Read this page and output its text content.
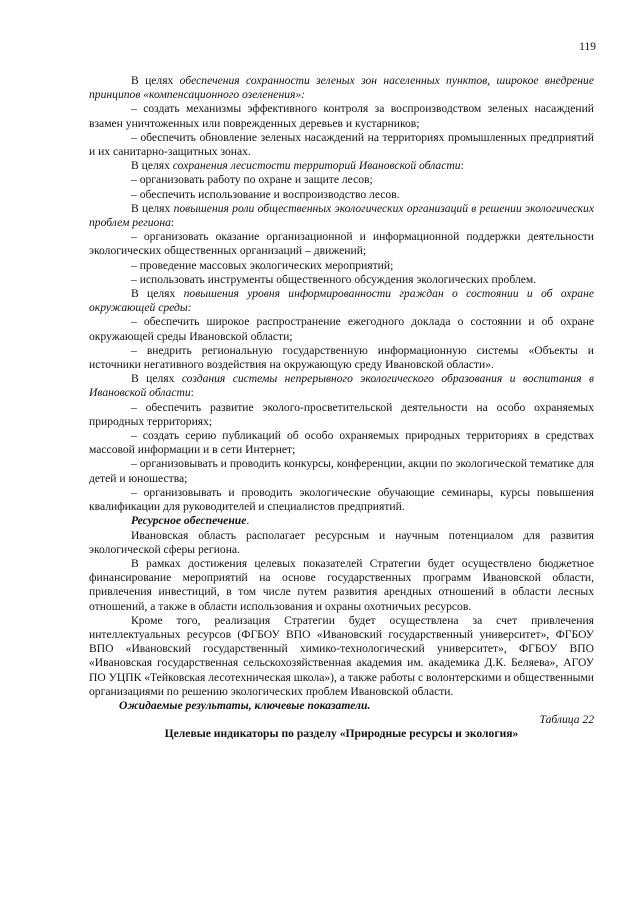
119

В целях обеспечения сохранности зеленых зон населенных пунктов, широкое внедрение принципов «компенсационного озеленения»:

– создать механизмы эффективного контроля за воспроизводством зеленых насаждений взамен уничтоженных или поврежденных деревьев и кустарников;

– обеспечить обновление зеленых насаждений на территориях промышленных предприятий и их санитарно-защитных зонах.

В целях сохранения лесистости территорий Ивановской области:

– организовать работу по охране и защите лесов;

– обеспечить использование и воспроизводство лесов.

В целях повышения роли общественных экологических организаций в решении экологических проблем региона:

– организовать оказание организационной и информационной поддержки деятельности экологических общественных организаций – движений;

– проведение массовых экологических мероприятий;

– использовать инструменты общественного обсуждения экологических проблем.

В целях повышения уровня информированности граждан о состоянии и об охране окружающей среды:

– обеспечить широкое распространение ежегодного доклада о состоянии и об охране окружающей среды Ивановской области;

– внедрить региональную государственную информационную системы «Объекты и источники негативного воздействия на окружающую среду Ивановской области».

В целях создания системы непрерывного экологического образования и воспитания в Ивановской области:

– обеспечить развитие эколого-просветительской деятельности на особо охраняемых природных территориях;

– создать серию публикаций об особо охраняемых природных территориях в средствах массовой информации и в сети Интернет;

– организовывать и проводить конкурсы, конференции, акции по экологической тематике для детей и юношества;

– организовывать и проводить экологические обучающие семинары, курсы повышения квалификации для руководителей и специалистов предприятий.

Ресурсное обеспечение.

Ивановская область располагает ресурсным и научным потенциалом для развития экологической сферы региона.

В рамках достижения целевых показателей Стратегии будет осуществлено бюджетное финансирование мероприятий на основе государственных программ Ивановской области, привлечения инвестиций, в том числе путем развития арендных отношений в области лесных отношений, а также в области использования и охраны охотничьих ресурсов.

Кроме того, реализация Стратегии будет осуществлена за счет привлечения интеллектуальных ресурсов (ФГБОУ ВПО «Ивановский государственный университет», ФГБОУ ВПО «Ивановский государственный химико-технологический университет», ФГБОУ ВПО «Ивановская государственная сельскохозяйственная академия им. академика Д.К. Беляева», АГОУ ПО УЦПК «Тейковская лесотехническая школа»), а также работы с волонтерскими и общественными организациями по решению экологических проблем Ивановской области.

Ожидаемые результаты, ключевые показатели.

Таблица 22

Целевые индикаторы по разделу «Природные ресурсы и экология»
